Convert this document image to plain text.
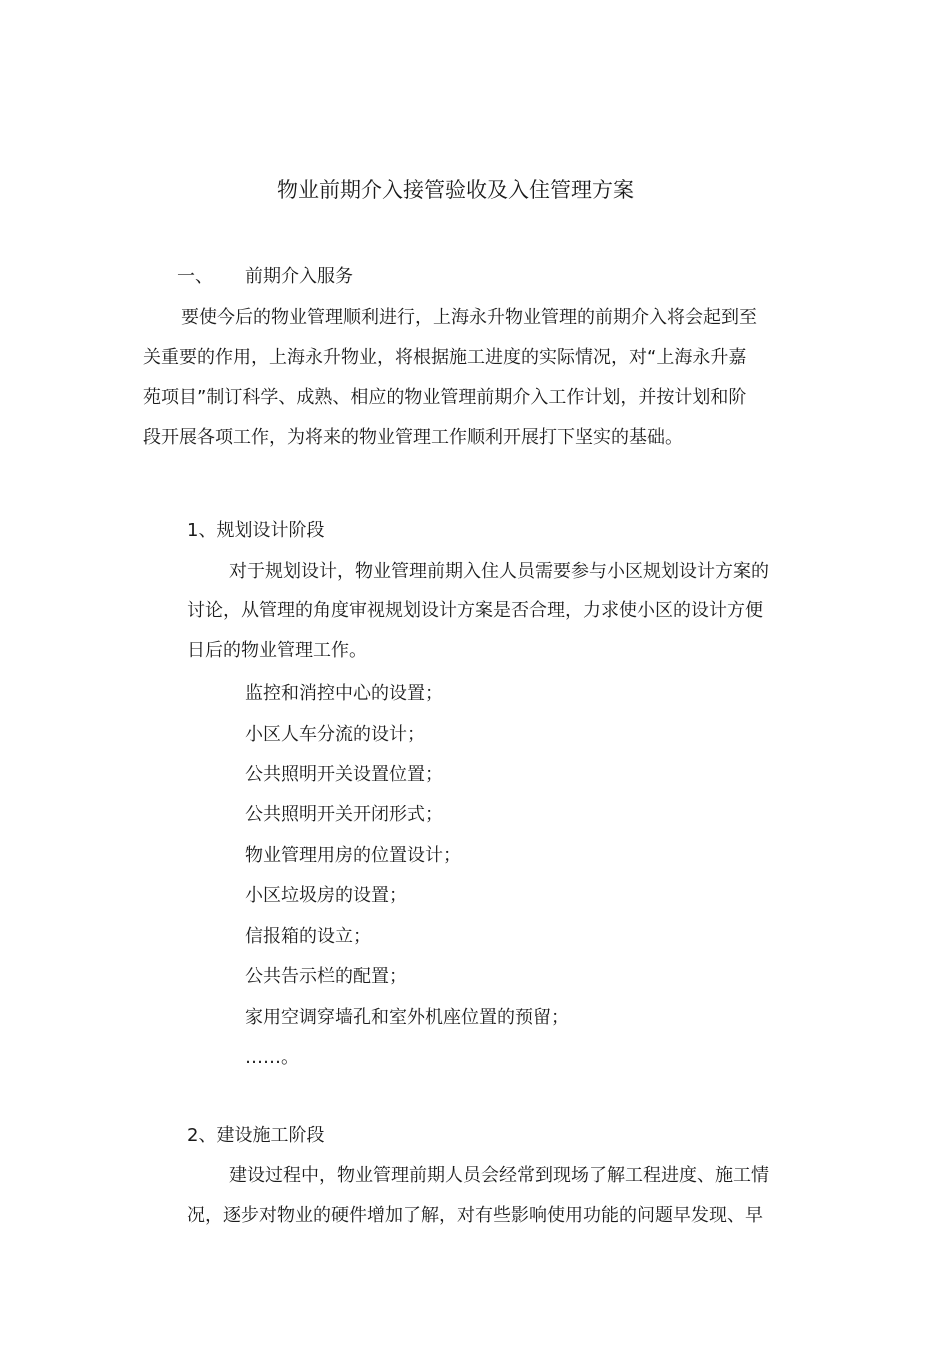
物业前期介入接管验收及入住管理方案
一、 前期介入服务
要使今后的物业管理顺利进行，上海永升物业管理的前期介入将会起到至
关重要的作用，上海永升物业，将根据施工进度的实际情况，对“上海永升嘉
苑项目”制订科学、成熟、相应的物业管理前期介入工作计划，并按计划和阶
段开展各项工作，为将来的物业管理工作顺利开展打下坚实的基础。
1、规划设计阶段
对于规划设计，物业管理前期入住人员需要参与小区规划设计方案的
讨论，从管理的角度审视规划设计方案是否合理，力求使小区的设计方便
日后的物业管理工作。
监控和消控中心的设置；
小区人车分流的设计；
公共照明开关设置位置；
公共照明开关开闭形式；
物业管理用房的位置设计；
小区垃圾房的设置；
信报箱的设立；
公共告示栏的配置；
家用空调穿墙孔和室外机座位置的预留；
……。
2、建设施工阶段
建设过程中，物业管理前期人员会经常到现场了解工程进度、施工情
况，逐步对物业的硬件增加了解，对有些影响使用功能的问题早发现、早
